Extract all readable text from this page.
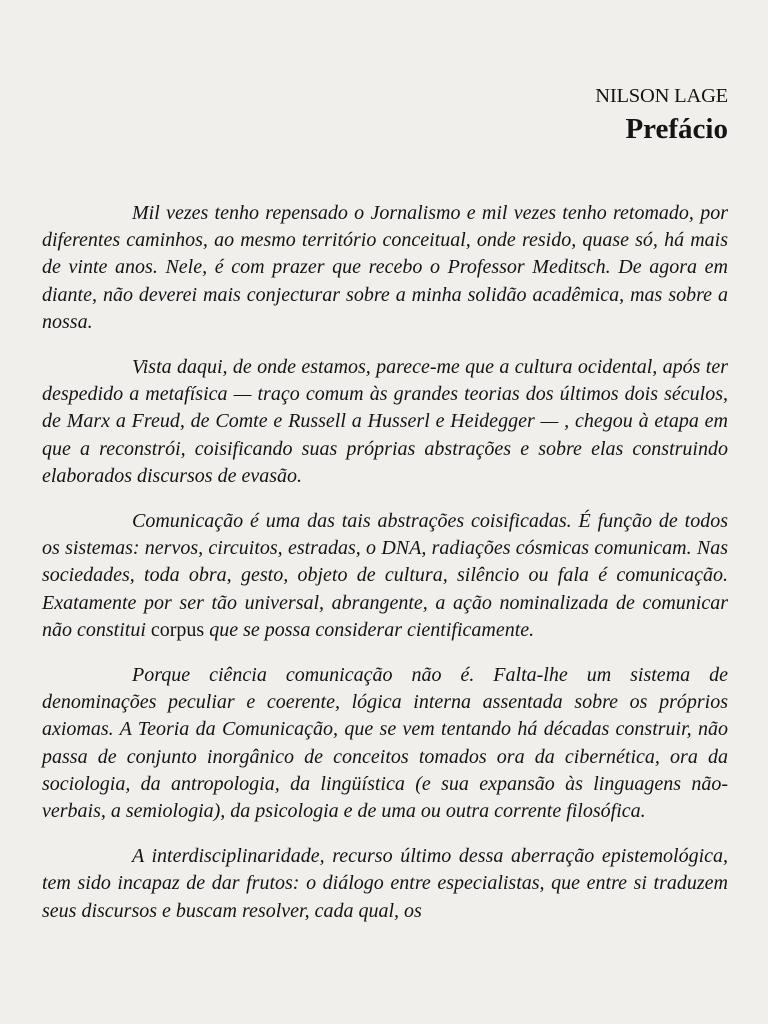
NILSON LAGE
Prefácio

Mil vezes tenho repensado o Jornalismo e mil vezes tenho retomado, por diferentes caminhos, ao mesmo território conceitual, onde resido, quase só, há mais de vinte anos. Nele, é com prazer que recebo o Professor Meditsch. De agora em diante, não deverei mais conjecturar sobre a minha solidão acadêmica, mas sobre a nossa.

Vista daqui, de onde estamos, parece-me que a cultura ocidental, após ter despedido a metafísica — traço comum às grandes teorias dos últimos dois séculos, de Marx a Freud, de Comte e Russell a Husserl e Heidegger — , chegou à etapa em que a reconstrói, coisificando suas próprias abstrações e sobre elas construindo elaborados discursos de evasão.

Comunicação é uma das tais abstrações coisificadas. É função de todos os sistemas: nervos, circuitos, estradas, o DNA, radiações cósmicas comunicam. Nas sociedades, toda obra, gesto, objeto de cultura, silêncio ou fala é comunicação. Exatamente por ser tão universal, abrangente, a ação nominalizada de comunicar não constitui corpus que se possa considerar cientificamente.

Porque ciência comunicação não é. Falta-lhe um sistema de denominações peculiar e coerente, lógica interna assentada sobre os próprios axiomas. A Teoria da Comunicação, que se vem tentando há décadas construir, não passa de conjunto inorgânico de conceitos tomados ora da cibernética, ora da sociologia, da antropologia, da lingüística (e sua expansão às linguagens não-verbais, a semiologia), da psicologia e de uma ou outra corrente filosófica.

A interdisciplinaridade, recurso último dessa aberração epistemológica, tem sido incapaz de dar frutos: o diálogo entre especialistas, que entre si traduzem seus discursos e buscam resolver, cada qual, os
